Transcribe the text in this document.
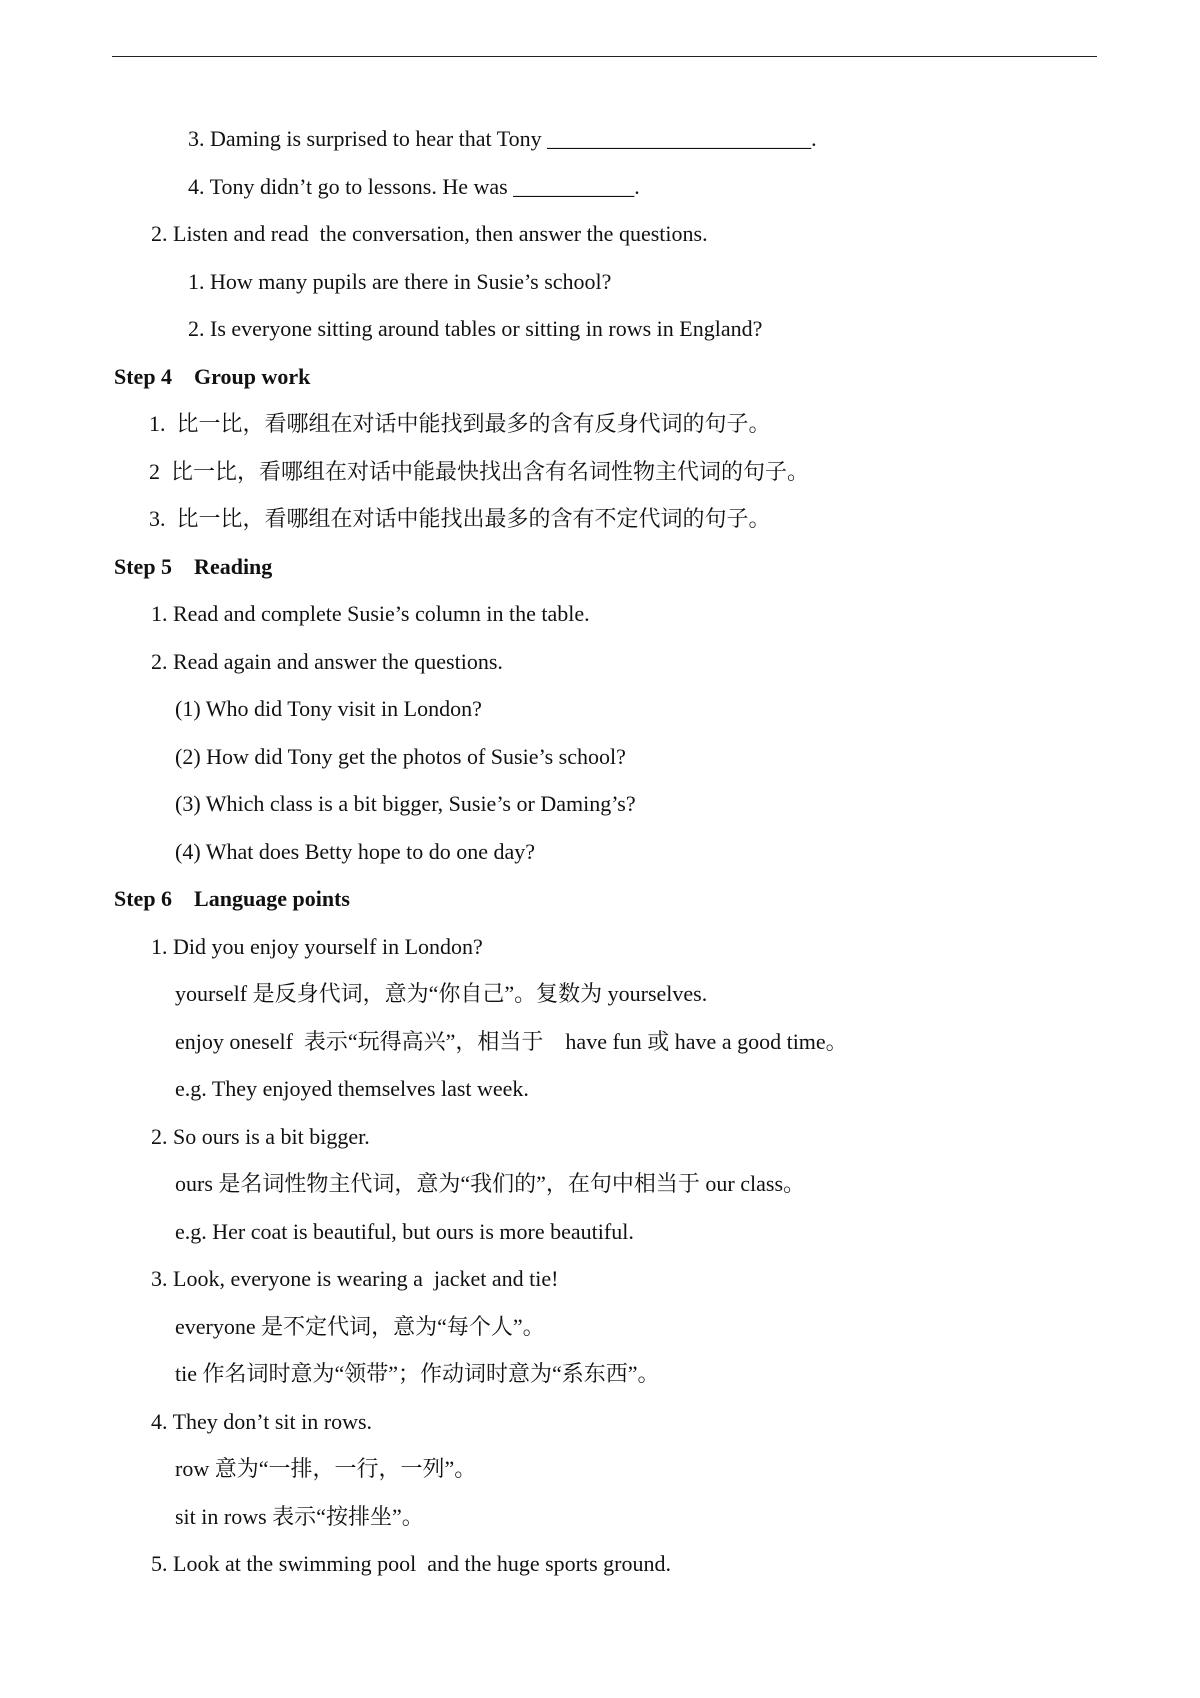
3. Daming is surprised to hear that Tony ________________________.
4. Tony didn’t go to lessons. He was ___________.
2. Listen and read  the conversation, then answer the questions.
1. How many pupils are there in Susie’s school?
2. Is everyone sitting around tables or sitting in rows in England?
Step 4    Group work
1.  比一比，看哪组在对话中能找到最多的含有反身代词的句子。
2  比一比，看哪组在对话中能最快找出含有名词性物主代词的句子。
3.  比一比，看哪组在对话中能找出最多的含有不定代词的句子。
Step 5    Reading
1. Read and complete Susie’s column in the table.
2. Read again and answer the questions.
(1) Who did Tony visit in London?
(2) How did Tony get the photos of Susie’s school?
(3) Which class is a bit bigger, Susie’s or Daming’s?
(4) What does Betty hope to do one day?
Step 6    Language points
1. Did you enjoy yourself in London?
yourself 是反身代词，意为“你自己”。复数为 yourselves.
enjoy oneself  表示“玩得高兴”，相当于    have fun 或 have a good time。
e.g. They enjoyed themselves last week.
2. So ours is a bit bigger.
ours 是名词性物主代词，意为“我们的”，在句中相当于 our class。
e.g. Her coat is beautiful, but ours is more beautiful.
3. Look, everyone is wearing a  jacket and tie!
everyone 是不定代词，意为“每个人”。
tie 作名词时意为“领带”；作动词时意为“系东西”。
4. They don’t sit in rows.
row 意为“一排，一行，一列”。
sit in rows 表示“按排坐”。
5. Look at the swimming pool  and the huge sports ground.
